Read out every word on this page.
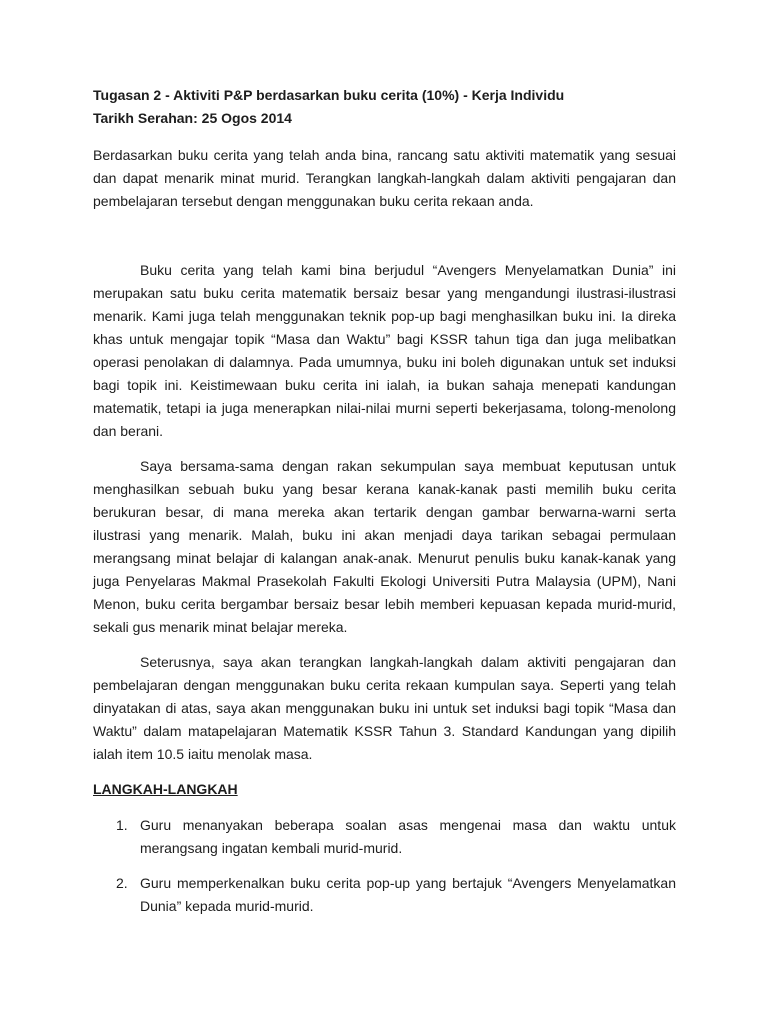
Tugasan 2 - Aktiviti P&P berdasarkan buku cerita (10%) - Kerja Individu
Tarikh Serahan: 25 Ogos 2014
Berdasarkan buku cerita yang telah anda bina, rancang satu aktiviti matematik yang sesuai
dan dapat menarik minat murid. Terangkan langkah-langkah dalam aktiviti pengajaran dan
pembelajaran tersebut dengan menggunakan buku cerita rekaan anda.
Buku cerita yang telah kami bina berjudul “Avengers Menyelamatkan Dunia” ini
merupakan satu buku cerita matematik bersaiz besar yang mengandungi ilustrasi-ilustrasi
menarik. Kami juga telah menggunakan teknik pop-up bagi menghasilkan buku ini. Ia direka
khas untuk mengajar topik “Masa dan Waktu” bagi KSSR tahun tiga dan juga melibatkan
operasi penolakan di dalamnya. Pada umumnya, buku ini boleh digunakan untuk set induksi
bagi topik ini. Keistimewaan buku cerita ini ialah, ia bukan sahaja menepati kandungan
matematik, tetapi ia juga menerapkan nilai-nilai murni seperti bekerjasama, tolong-menolong
dan berani.
Saya bersama-sama dengan rakan sekumpulan saya membuat keputusan untuk
menghasilkan sebuah buku yang besar kerana kanak-kanak pasti memilih buku cerita
berukuran besar, di mana mereka akan tertarik dengan gambar berwarna-warni serta
ilustrasi yang menarik. Malah, buku ini akan menjadi daya tarikan sebagai permulaan
merangsang minat belajar di kalangan anak-anak. Menurut penulis buku kanak-kanak yang
juga Penyelaras Makmal Prasekolah Fakulti Ekologi Universiti Putra Malaysia (UPM), Nani
Menon, buku cerita bergambar bersaiz besar lebih memberi kepuasan kepada murid-murid,
sekali gus menarik minat belajar mereka.
Seterusnya, saya akan terangkan langkah-langkah dalam aktiviti pengajaran dan
pembelajaran dengan menggunakan buku cerita rekaan kumpulan saya. Seperti yang telah
dinyatakan di atas, saya akan menggunakan buku ini untuk set induksi bagi topik “Masa dan
Waktu” dalam matapelajaran Matematik KSSR Tahun 3. Standard Kandungan yang dipilih
ialah item 10.5 iaitu menolak masa.
LANGKAH-LANGKAH
1. Guru menanyakan beberapa soalan asas mengenai masa dan waktu untuk
merangsang ingatan kembali murid-murid.
2. Guru memperkenalkan buku cerita pop-up yang bertajuk “Avengers Menyelamatkan
Dunia” kepada murid-murid.
